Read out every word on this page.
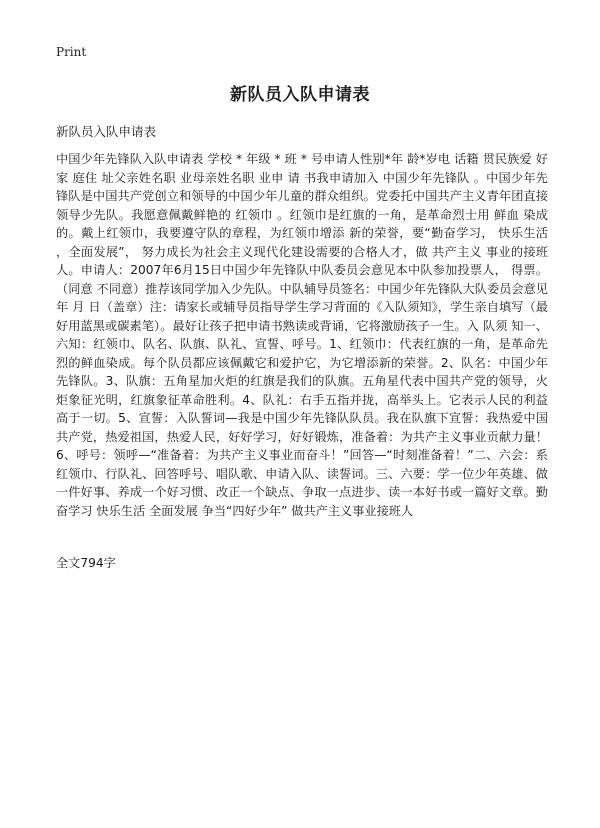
Print
新队员入队申请表
新队员入队申请表

中国少年先锋队入队申请表 学校 * 年级 * 班 * 号申请人性别*年 龄*岁电 话籍 贯民族爱 好家 庭住 址父亲姓名职 业母亲姓名职 业申 请 书我申请加入 中国少年先锋队 。中国少年先锋队是中国共产党创立和领导的中国少年儿童的群众组织。党委托中国共产主义青年团直接领导少先队。我愿意佩戴鲜艳的 红领巾 。红领巾是红旗的一角，是革命烈士用 鲜血 染成的。戴上红领巾，我要遵守队的章程，为红领巾增添 新的荣誉，要“勤奋学习， 快乐生活 ，全面发展”， 努力成长为社会主义现代化建设需要的合格人才，做 共产主义 事业的接班人。申请人：2007年6月15日中国少年先锋队中队委员会意见本中队参加投票人， 得票。（同意 不同意）推荐该同学加入少先队。中队辅导员签名：中国少年先锋队大队委员会意见年 月 日（盖章）注：请家长或辅导员指导学生学习背面的《入队须知》，学生亲自填写（最好用蓝黑或碳素笔）。最好让孩子把申请书熟读或背诵，它将激励孩子一生。入 队须 知一、六知：红领巾、队名、队旗、队礼、宣誓、呼号。1、红领巾：代表红旗的一角，是革命先烈的鲜血染成。每个队员都应该佩戴它和爱护它，为它增添新的荣誉。2、队名：中国少年先锋队。3、队旗：五角星加火炬的红旗是我们的队旗。五角星代表中国共产党的领导，火炬象征光明，红旗象征革命胜利。4、队礼：右手五指并拢，高举头上。它表示人民的利益高于一切。5、宣誓：入队誓词—我是中国少年先锋队队员。我在队旗下宣誓：我热爱中国共产党，热爱祖国，热爱人民，好好学习，好好锻炼，准备着：为共产主义事业贡献力量！6、呼号：领呼—“准备着：为共产主义事业而奋斗！”回答—“时刻准备着！”二、六会：系红领巾、行队礼、回答呼号、唱队歌、申请入队、读誓词。三、六要：学一位少年英雄、做一件好事、养成一个好习惯、改正一个缺点、争取一点进步、读一本好书或一篇好文章。勤奋学习 快乐生活 全面发展 争当“四好少年” 做共产主义事业接班人

全文794字
